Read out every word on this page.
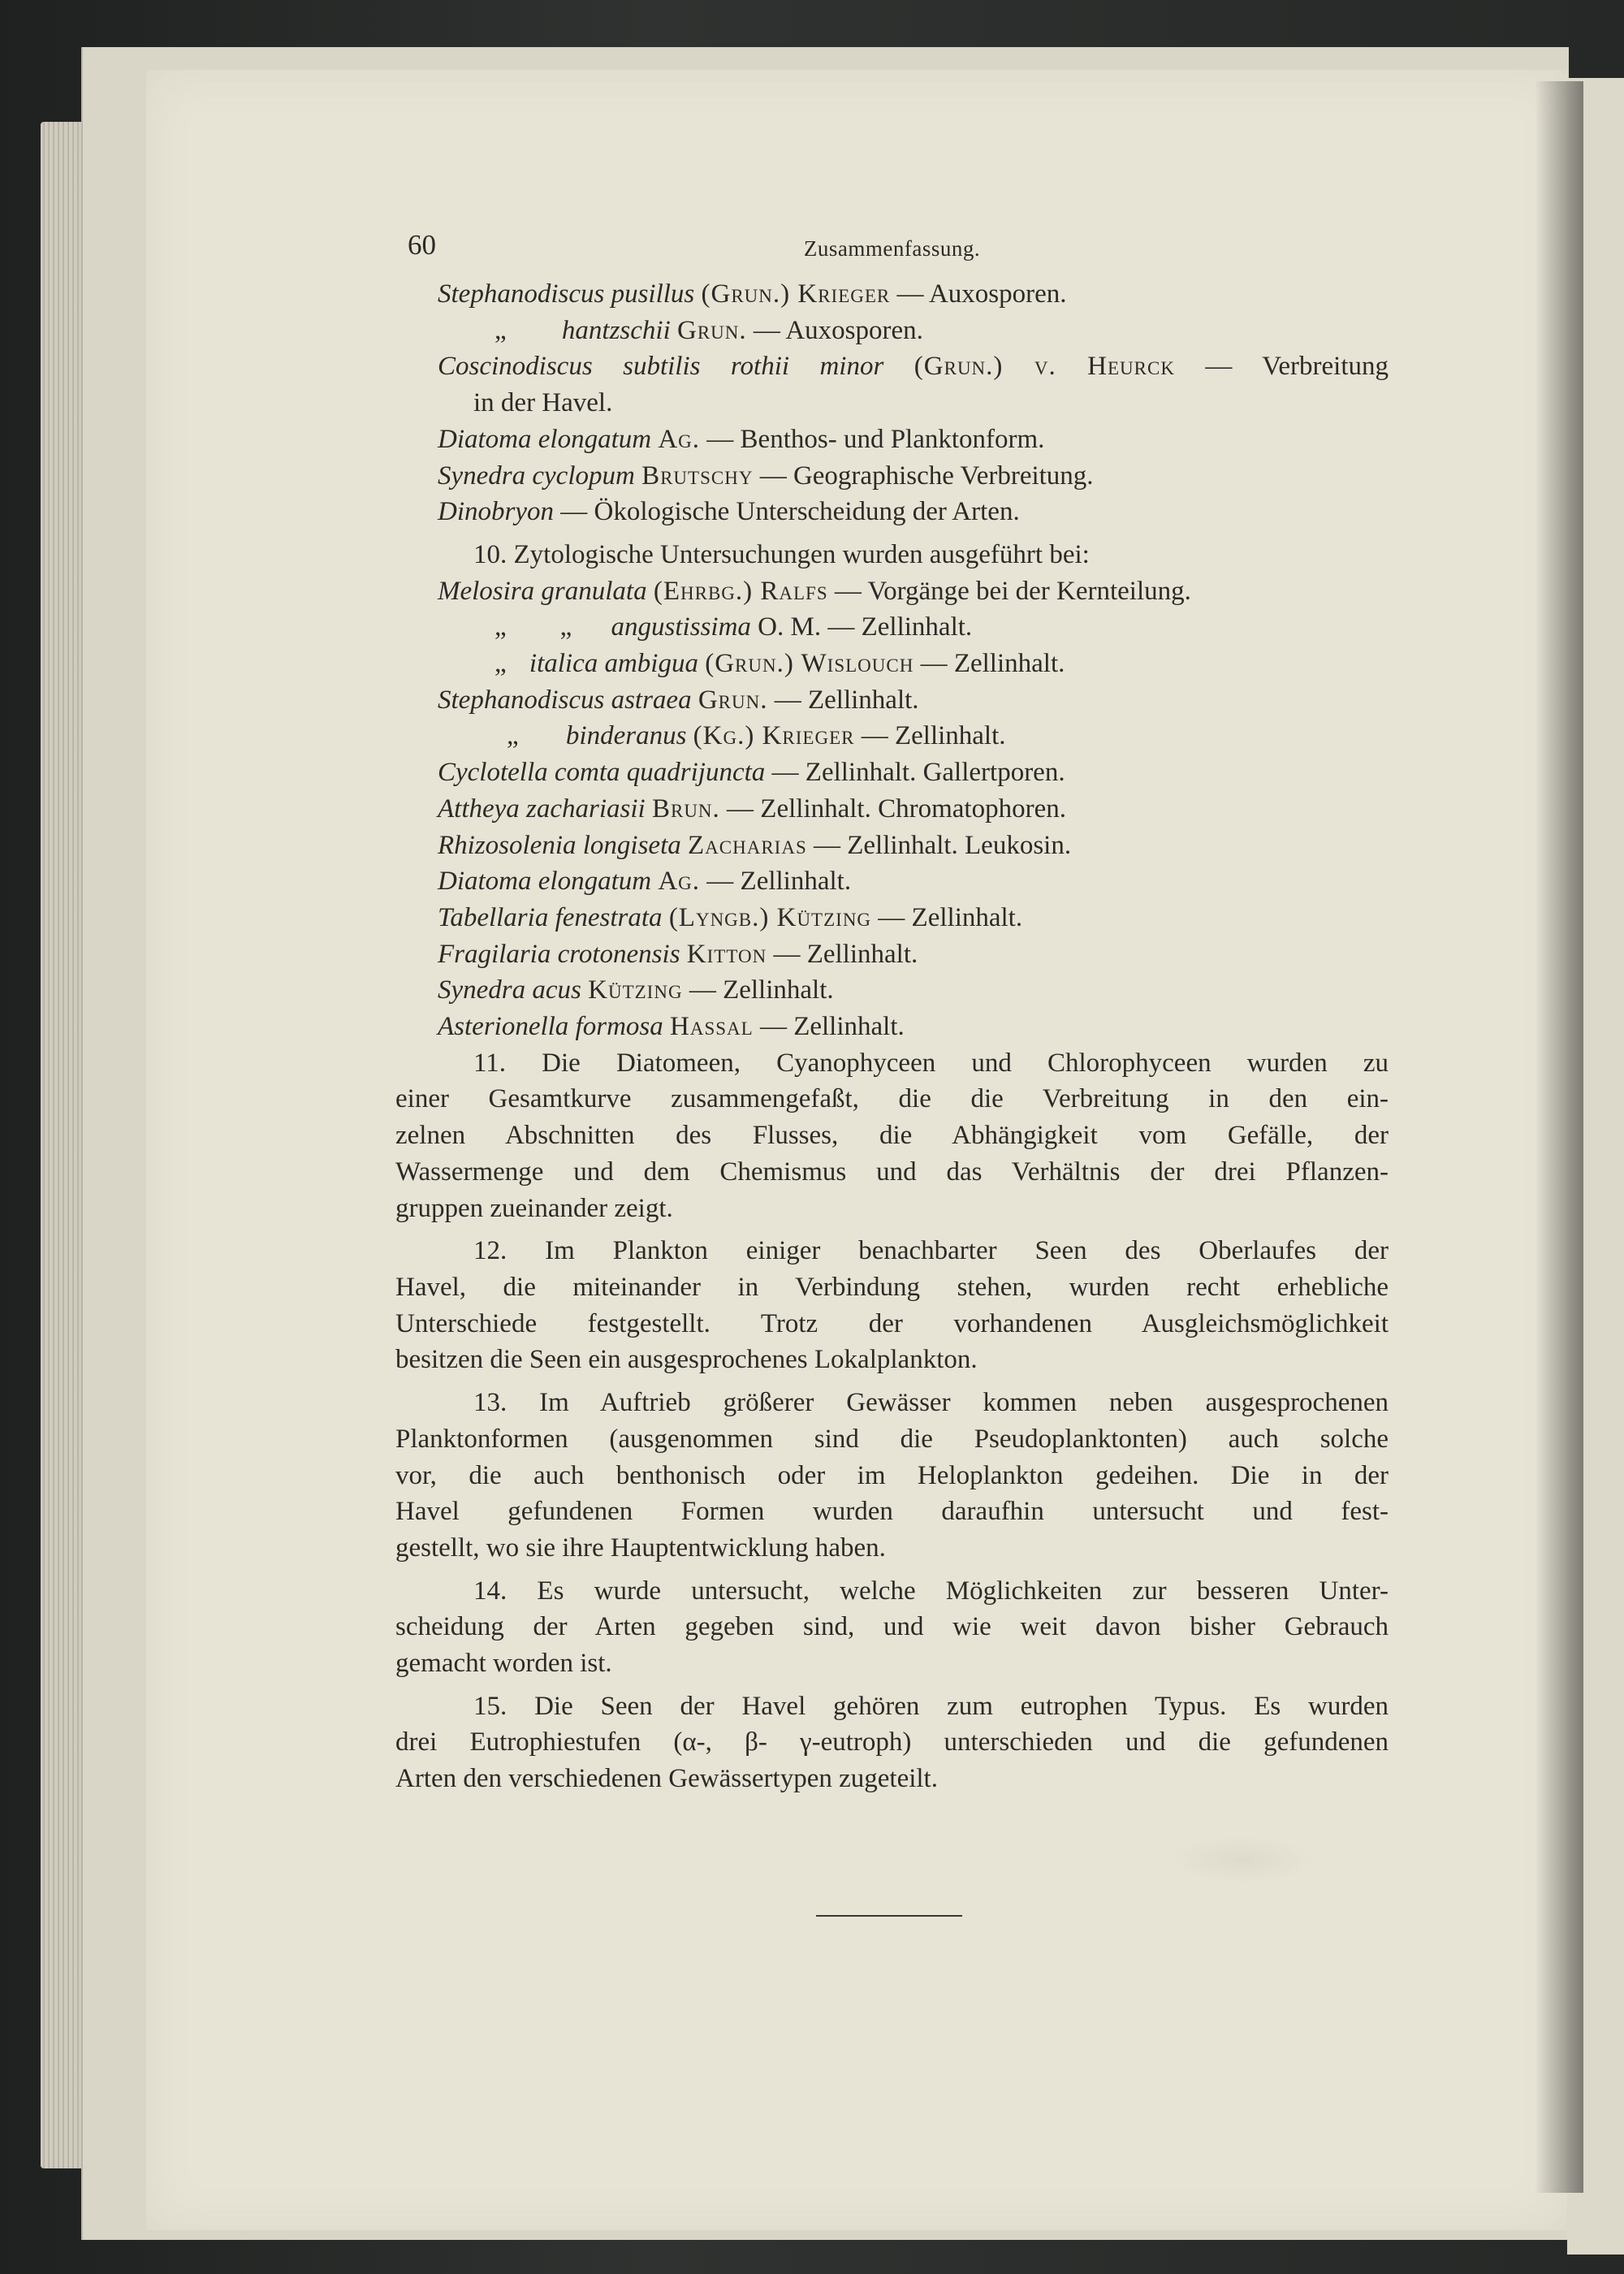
60	Zusammenfassung.
Stephanodiscus pusillus (Grun.) Krieger — Auxosporen.
„ hantzschii Grun. — Auxosporen.
Coscinodiscus subtilis rothii minor (Grun.) v. Heurck — Verbreitung
in der Havel.
Diatoma elongatum Ag. — Benthos- und Planktonform.
Synedra cyclopum Brutschy — Geographische Verbreitung.
Dinobryon — Ökologische Unterscheidung der Arten.
10. Zytologische Untersuchungen wurden ausgeführt bei:
Melosira granulata (Ehrbg.) Ralfs — Vorgänge bei der Kernteilung.
„        „ angustissima O. M. — Zellinhalt.
„ italica ambigua (Grun.) Wislouch — Zellinhalt.
Stephanodiscus astraea Grun. — Zellinhalt.
„ binderanus (Kg.) Krieger — Zellinhalt.
Cyclotella comta quadrijuncta — Zellinhalt. Gallertporen.
Attheya zachariasii Brun. — Zellinhalt. Chromatophoren.
Rhizosolenia longiseta Zacharias — Zellinhalt. Leukosin.
Diatoma elongatum Ag. — Zellinhalt.
Tabellaria fenestrata (Lyngb.) Kützing — Zellinhalt.
Fragilaria crotonensis Kitton — Zellinhalt.
Synedra acus Kützing — Zellinhalt.
Asterionella formosa Hassal — Zellinhalt.
11. Die Diatomeen, Cyanophyceen und Chlorophyceen wurden zu
einer Gesamtkurve zusammengefaßt, die die Verbreitung in den ein-
zelnen Abschnitten des Flusses, die Abhängigkeit vom Gefälle, der
Wassermenge und dem Chemismus und das Verhältnis der drei Pflanzen-
gruppen zueinander zeigt.
12. Im Plankton einiger benachbarter Seen des Oberlaufes der
Havel, die miteinander in Verbindung stehen, wurden recht erhebliche
Unterschiede festgestellt. Trotz der vorhandenen Ausgleichsmöglichkeit
besitzen die Seen ein ausgesprochenes Lokalplankton.
13. Im Auftrieb größerer Gewässer kommen neben ausgesprochenen
Planktonformen (ausgenommen sind die Pseudoplanktonten) auch solche
vor, die auch benthonisch oder im Heloplankton gedeihen. Die in der
Havel gefundenen Formen wurden daraufhin untersucht und fest-
gestellt, wo sie ihre Hauptentwicklung haben.
14. Es wurde untersucht, welche Möglichkeiten zur besseren Unter-
scheidung der Arten gegeben sind, und wie weit davon bisher Gebrauch
gemacht worden ist.
15. Die Seen der Havel gehören zum eutrophen Typus. Es wurden
drei Eutrophiestufen (α-, β- γ-eutroph) unterschieden und die gefundenen
Arten den verschiedenen Gewässertypen zugeteilt.
